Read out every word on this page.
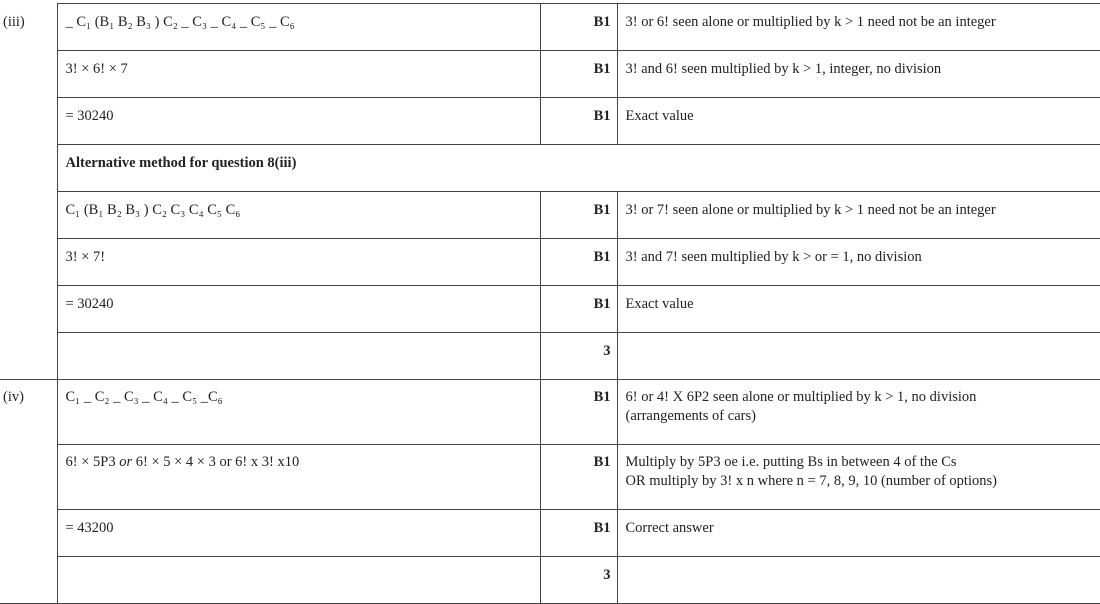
(iii)	_ C₁ (B₁ B₂ B₃ ) C₂ _ C₃ _ C₄ _ C₅ _ C₆	B1	3! or 6! seen alone or multiplied by k > 1 need not be an integer
	3! × 6! × 7	B1	3! and 6! seen multiplied by k > 1, integer, no division
	= 30240	B1	Exact value
	Alternative method for question 8(iii)		
	C₁ (B₁ B₂ B₃ ) C₂ C₃ C₄ C₅ C₆	B1	3! or 7! seen alone or multiplied by k > 1 need not be an integer
	3! × 7!	B1	3! and 7! seen multiplied by k > or = 1, no division
	= 30240	B1	Exact value
		3	
(iv)	C₁ _ C₂ _ C₃ _ C₄ _ C₅ _C₆	B1	6! or 4! X 6P2 seen alone or multiplied by k > 1, no division
(arrangements of cars)
	6! × 5P3 or 6! × 5 × 4 × 3 or 6! x 3! x10	B1	Multiply by 5P3 oe i.e. putting Bs in between 4 of the Cs
OR multiply by 3! x n where n = 7, 8, 9, 10 (number of options)
	= 43200	B1	Correct answer
		3	
